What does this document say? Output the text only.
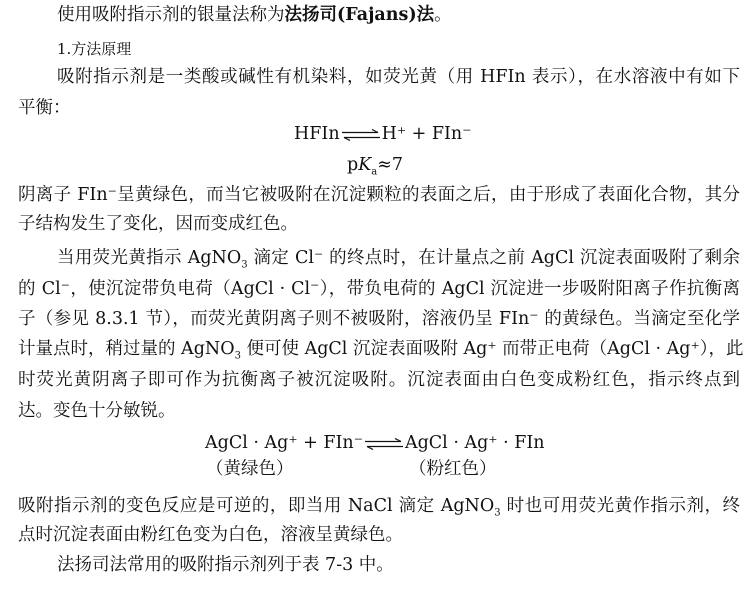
使用吸附指示剂的银量法称为法扬司(Fajans)法。
1.方法原理
吸附指示剂是一类酸或碱性有机染料，如荧光黄（用 HFIn 表示），在水溶液中有如下
平衡：
HFIn⇌H⁺ + FIn⁻
$pK_a\approx 7$
阴离子 FIn⁻呈黄绿色，而当它被吸附在沉淀颗粒的表面之后，由于形成了表面化合物，其分
子结构发生了变化，因而变成红色。
当用荧光黄指示 AgNO$_3$ 滴定 Cl⁻ 的终点时，在计量点之前 AgCl 沉淀表面吸附了剩余
的 Cl⁻，使沉淀带负电荷（AgCl · Cl⁻），带负电荷的 AgCl 沉淀进一步吸附阳离子作抗衡离
子（参见 8.3.1 节），而荧光黄阴离子则不被吸附，溶液仍呈 FIn⁻ 的黄绿色。当滴定至化学
计量点时，稍过量的 AgNO$_3$ 便可使 AgCl 沉淀表面吸附 Ag⁺ 而带正电荷（AgCl · Ag⁺），此
时荧光黄阴离子即可作为抗衡离子被沉淀吸附。沉淀表面由白色变成粉红色，指示终点到
达。变色十分敏锐。
AgCl · Ag⁺ + FIn⁻⇌AgCl · Ag⁺ · FIn
（黄绿色）	（粉红色）
吸附指示剂的变色反应是可逆的，即当用 NaCl 滴定 AgNO$_3$ 时也可用荧光黄作指示剂，终
点时沉淀表面由粉红色变为白色，溶液呈黄绿色。
法扬司法常用的吸附指示剂列于表 7-3 中。
